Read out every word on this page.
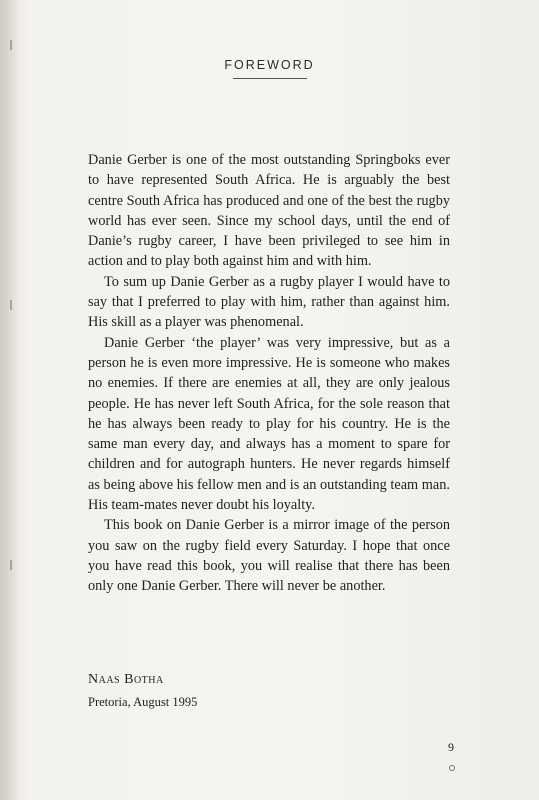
FOREWORD

Danie Gerber is one of the most outstanding Springboks ever to have represented South Africa. He is arguably the best centre South Africa has produced and one of the best the rugby world has ever seen. Since my school days, until the end of Danie’s rugby career, I have been privileged to see him in action and to play both against him and with him.

To sum up Danie Gerber as a rugby player I would have to say that I preferred to play with him, rather than against him. His skill as a player was phenomenal.

Danie Gerber ‘the player’ was very impressive, but as a person he is even more impressive. He is someone who makes no enemies. If there are enemies at all, they are only jealous people. He has never left South Africa, for the sole reason that he has always been ready to play for his country. He is the same man every day, and always has a moment to spare for children and for autograph hunters. He never regards himself as being above his fellow men and is an outstanding team man. His team-mates never doubt his loyalty.

This book on Danie Gerber is a mirror image of the person you saw on the rugby field every Saturday. I hope that once you have read this book, you will realise that there has been only one Danie Gerber. There will never be another.

Naas Botha
Pretoria, August 1995
9
